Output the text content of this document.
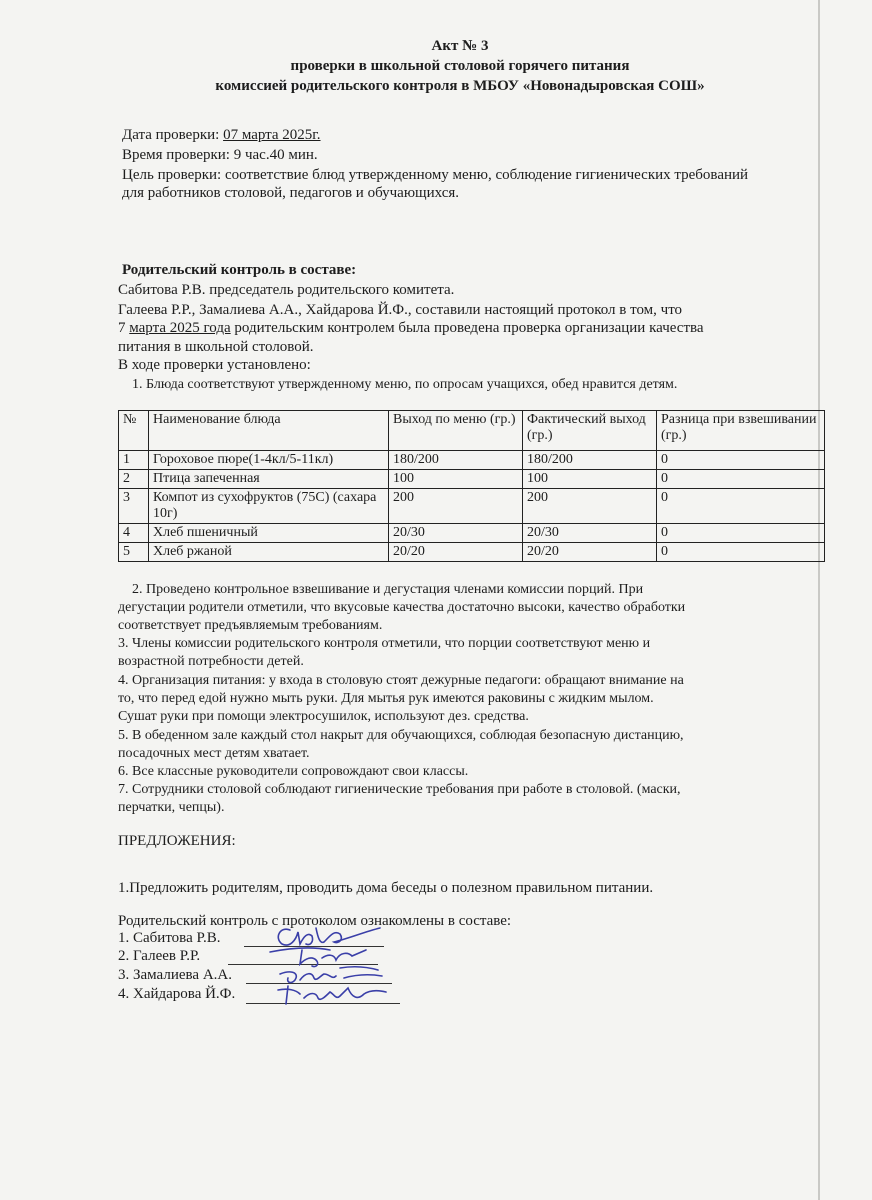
Акт № 3
проверки в школьной столовой горячего питания
комиссией родительского контроля в МБОУ «Новонадыровская СОШ»
Дата проверки: 07 марта 2025г.
Время проверки: 9 час.40 мин.
Цель проверки: соответствие блюд утвержденному меню, соблюдение гигиенических требований
для работников столовой, педагогов и обучающихся.
Родительский контроль в составе:
Сабитова Р.В. председатель родительского комитета.
Галеева Р.Р., Замалиева А.А., Хайдарова Й.Ф., составили настоящий протокол в том, что
7 марта 2025 года родительским контролем была проведена проверка организации качества
питания в школьной столовой.
В ходе проверки установлено:
1. Блюда соответствуют утвержденному меню, по опросам учащихся, обед нравится детям.
№	Наименование блюда	Выход по меню (гр.)	Фактический выход (гр.)	Разница при взвешивании (гр.)
1	Гороховое пюре(1-4кл/5-11кл)	180/200	180/200	0
2	Птица запеченная	100	100	0
3	Компот из сухофруктов (75С) (сахара 10г)	200	200	0
4	Хлеб пшеничный	20/30	20/30	0
5	Хлеб ржаной	20/20	20/20	0
2. Проведено контрольное взвешивание и дегустация членами комиссии порций. При
дегустации родители отметили, что вкусовые качества достаточно высоки, качество обработки
соответствует предъявляемым требованиям.
3. Члены комиссии родительского контроля отметили, что порции соответствуют меню и
возрастной потребности детей.
4. Организация питания: у входа в столовую стоят дежурные педагоги: обращают внимание на
то, что перед едой нужно мыть руки. Для мытья рук имеются раковины с жидким мылом.
Сушат руки при помощи электросушилок, используют дез. средства.
5. В обеденном зале каждый стол накрыт для обучающихся, соблюдая безопасную дистанцию,
посадочных мест детям хватает.
6. Все классные руководители сопровождают свои классы.
7. Сотрудники столовой соблюдают гигиенические требования при работе в столовой. (маски,
перчатки, чепцы).
ПРЕДЛОЖЕНИЯ:
1.Предложить родителям, проводить дома беседы о полезном правильном питании.
Родительский контроль с протоколом ознакомлены в составе:
1. Сабитова Р.В.
2. Галеев Р.Р.
3. Замалиева А.А.
4. Хайдарова Й.Ф.
